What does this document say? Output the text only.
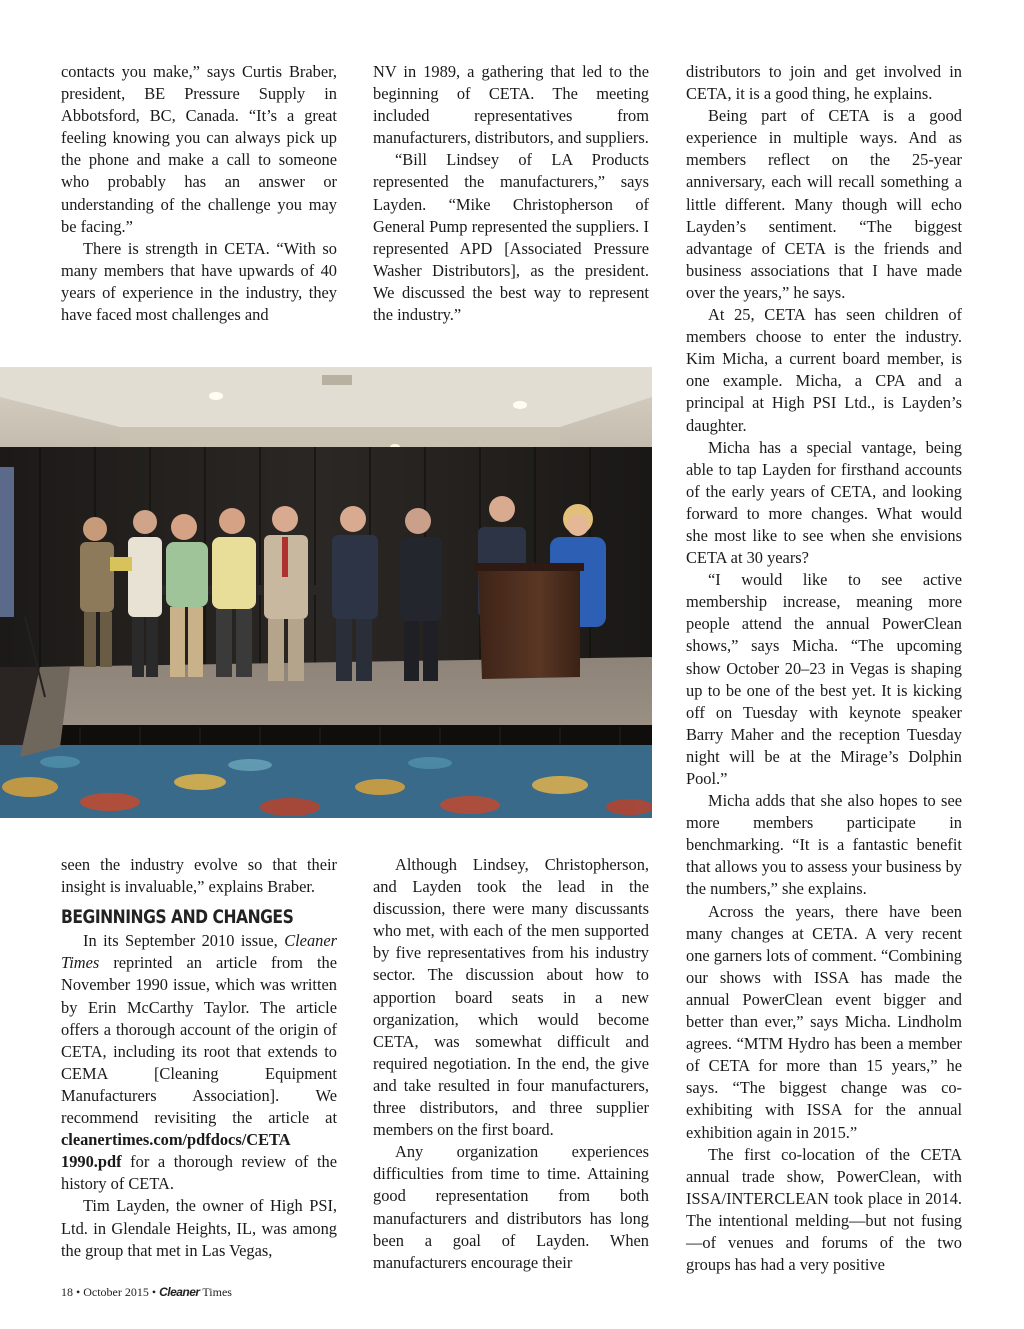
contacts you make,” says Curtis Braber, president, BE Pressure Supply in Abbotsford, BC, Canada. “It’s a great feeling knowing you can always pick up the phone and make a call to someone who probably has an answer or understanding of the challenge you may be facing.”

There is strength in CETA. “With so many members that have upwards of 40 years of experience in the industry, they have faced most challenges and

NV in 1989, a gathering that led to the beginning of CETA. The meeting included representatives from manufacturers, distributors, and suppliers.

“Bill Lindsey of LA Products represented the manufacturers,” says Layden. “Mike Christopherson of General Pump represented the suppliers. I represented APD [Associated Pressure Washer Distributors], as the president. We discussed the best way to represent the industry.”

seen the industry evolve so that their insight is invaluable,” explains Braber.

BEGINNINGS AND CHANGES

In its September 2010 issue, Cleaner Times reprinted an article from the November 1990 issue, which was written by Erin McCarthy Taylor. The article offers a thorough account of the origin of CETA, including its root that extends to CEMA [Cleaning Equipment Manufacturers Association]. We recommend revisiting the article at cleanertimes.com/pdfdocs/CETA 1990.pdf for a thorough review of the history of CETA.

Tim Layden, the owner of High PSI, Ltd. in Glendale Heights, IL, was among the group that met in Las Vegas,

Although Lindsey, Christopherson, and Layden took the lead in the discussion, there were many discussants who met, with each of the men supported by five representatives from his industry sector. The discussion about how to apportion board seats in a new organization, which would become CETA, was somewhat difficult and required negotiation. In the end, the give and take resulted in four manufacturers, three distributors, and three supplier members on the first board.

Any organization experiences difficulties from time to time. Attaining good representation from both manufacturers and distributors has long been a goal of Layden. When manufacturers encourage their

distributors to join and get involved in CETA, it is a good thing, he explains.

Being part of CETA is a good experience in multiple ways. And as members reflect on the 25-year anniversary, each will recall something a little different. Many though will echo Layden’s sentiment. “The biggest advantage of CETA is the friends and business associations that I have made over the years,” he says.

At 25, CETA has seen children of members choose to enter the industry. Kim Micha, a current board member, is one example. Micha, a CPA and a principal at High PSI Ltd., is Layden’s daughter.

Micha has a special vantage, being able to tap Layden for firsthand accounts of the early years of CETA, and looking forward to more changes. What would she most like to see when she envisions CETA at 30 years?

“I would like to see active membership increase, meaning more people attend the annual PowerClean shows,” says Micha. “The upcoming show October 20–23 in Vegas is shaping up to be one of the best yet. It is kicking off on Tuesday with keynote speaker Barry Maher and the reception Tuesday night will be at the Mirage’s Dolphin Pool.”

Micha adds that she also hopes to see more members participate in benchmarking. “It is a fantastic benefit that allows you to assess your business by the numbers,” she explains.

Across the years, there have been many changes at CETA. A very recent one garners lots of comment. “Combining our shows with ISSA has made the annual PowerClean event bigger and better than ever,” says Micha. Lindholm agrees. “MTM Hydro has been a member of CETA for more than 15 years,” he says. “The biggest change was co-exhibiting with ISSA for the annual exhibition again in 2015.”

The first co-location of the CETA annual trade show, PowerClean, with ISSA/INTERCLEAN took place in 2014. The intentional melding—but not fusing—of venues and forums of the two groups has had a very positive

18 • October 2015 • Cleaner Times
